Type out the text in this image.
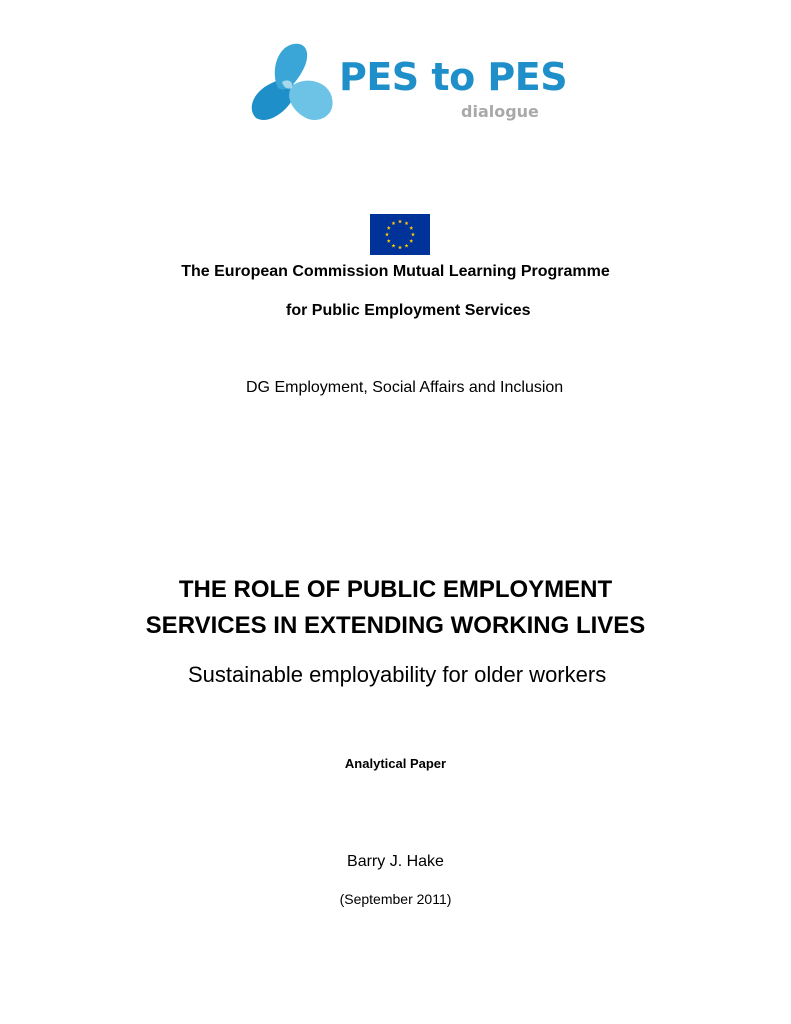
PES to PES
dialogue
The European Commission Mutual Learning Programme
for Public Employment Services
DG Employment, Social Affairs and Inclusion
THE ROLE OF PUBLIC EMPLOYMENT
SERVICES IN EXTENDING WORKING LIVES
Sustainable employability for older workers
Analytical Paper
Barry J. Hake
(September 2011)
